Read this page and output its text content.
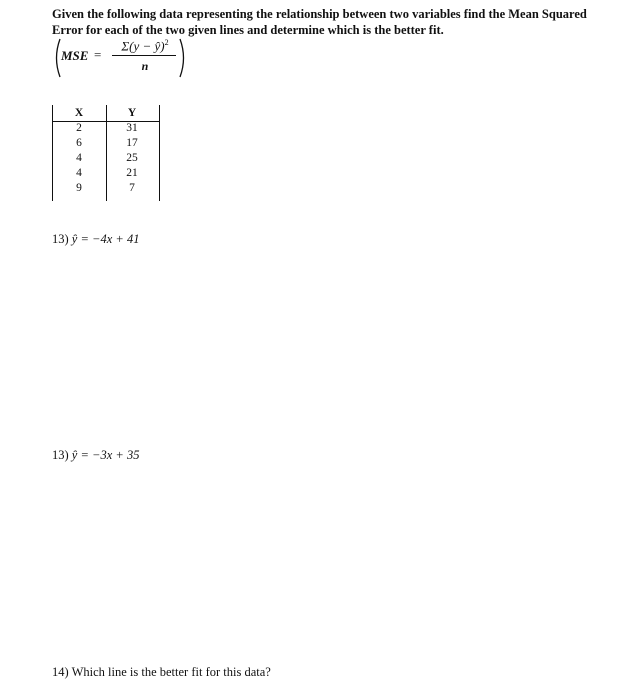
Given the following data representing the relationship between two variables find the Mean Squared Error for each of the two given lines and determine which is the better fit.
MSE =
Σ(y − ŷ)$^2$
n
X
2
6
4
4
9
Y
31
17
25
21
7
13) ŷ = −4x + 41
13) ŷ = −3x + 35
14) Which line is the better fit for this data?
